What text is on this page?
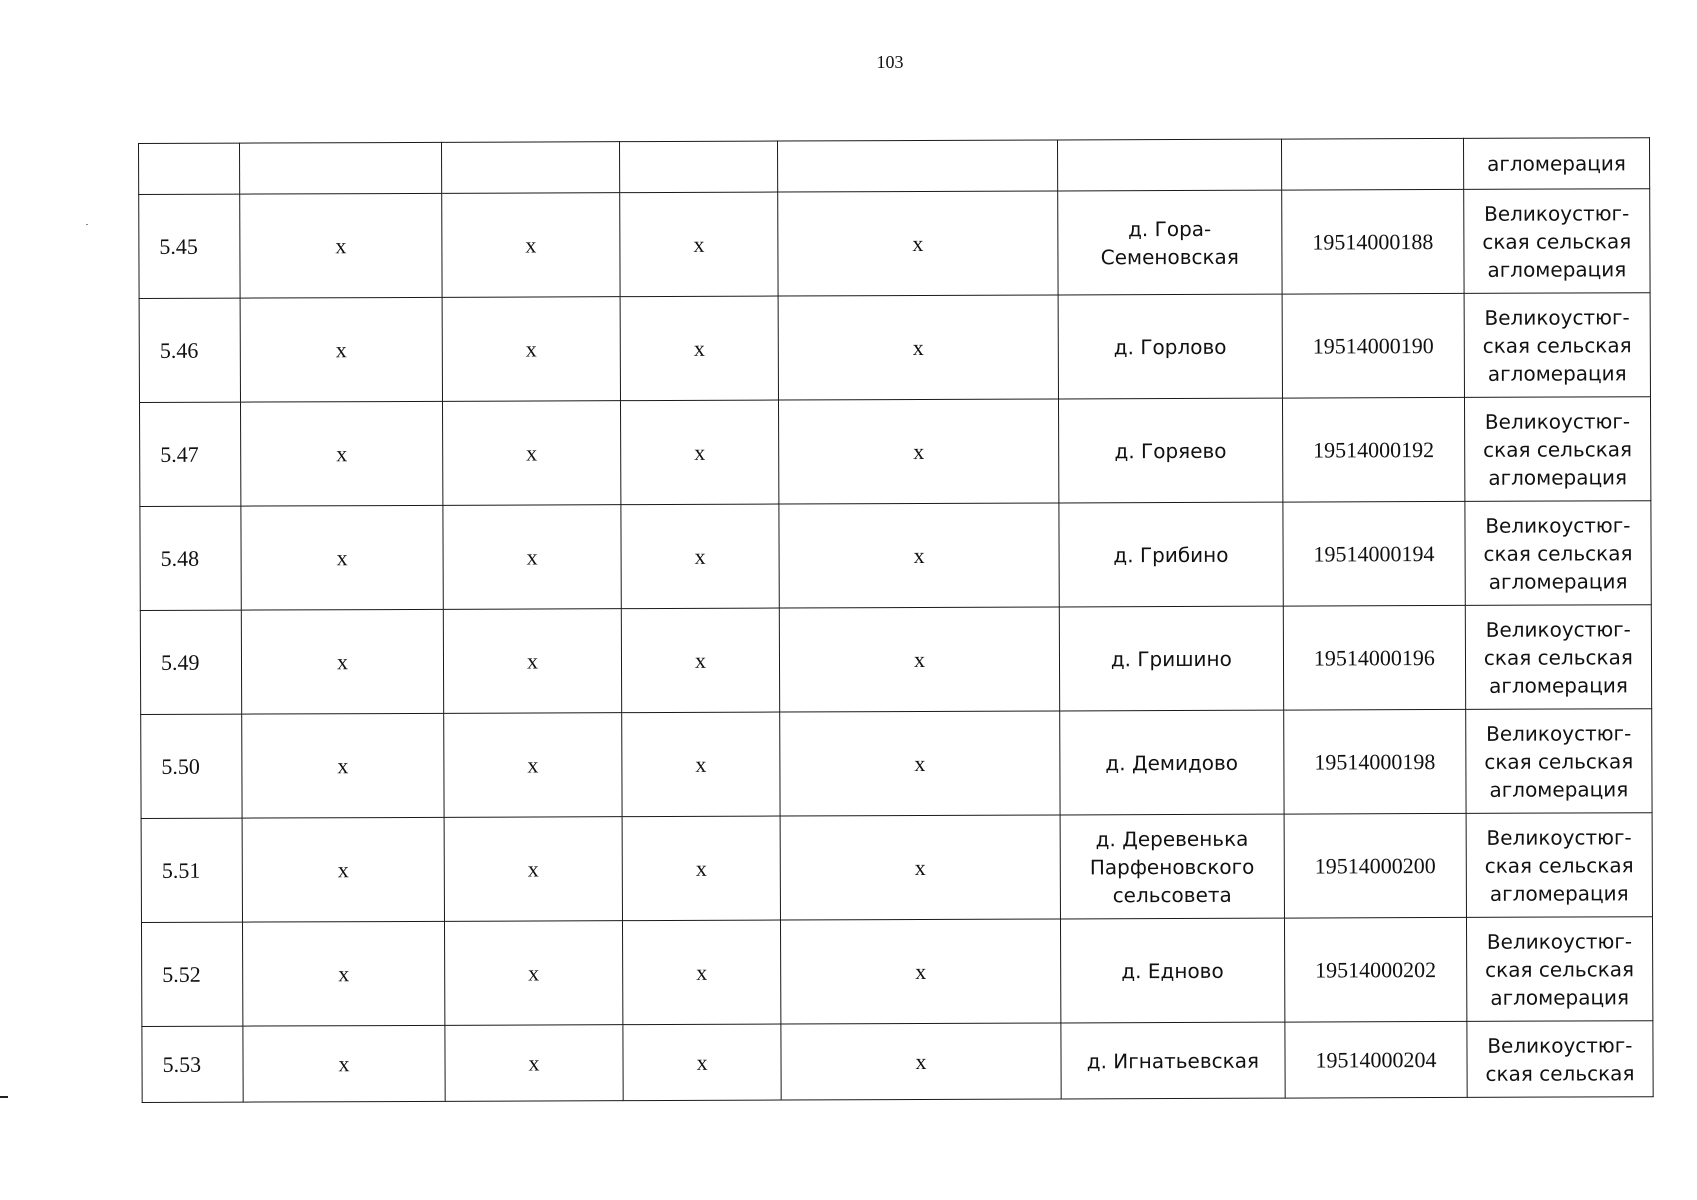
103
							агломерация
5.45	х	х	х	х	д. Гора-
Семеновская	19514000188	Великоустюг-
ская сельская
агломерация
5.46	х	х	х	х	д. Горлово	19514000190	Великоустюг-
ская сельская
агломерация
5.47	х	х	х	х	д. Горяево	19514000192	Великоустюг-
ская сельская
агломерация
5.48	х	х	х	х	д. Грибино	19514000194	Великоустюг-
ская сельская
агломерация
5.49	х	х	х	х	д. Гришино	19514000196	Великоустюг-
ская сельская
агломерация
5.50	х	х	х	х	д. Демидово	19514000198	Великоустюг-
ская сельская
агломерация
5.51	х	х	х	х	д. Деревенька
Парфеновского
сельсовета	19514000200	Великоустюг-
ская сельская
агломерация
5.52	х	х	х	х	д. Едново	19514000202	Великоустюг-
ская сельская
агломерация
5.53	х	х	х	х	д. Игнатьевская	19514000204	Великоустюг-
ская сельская
